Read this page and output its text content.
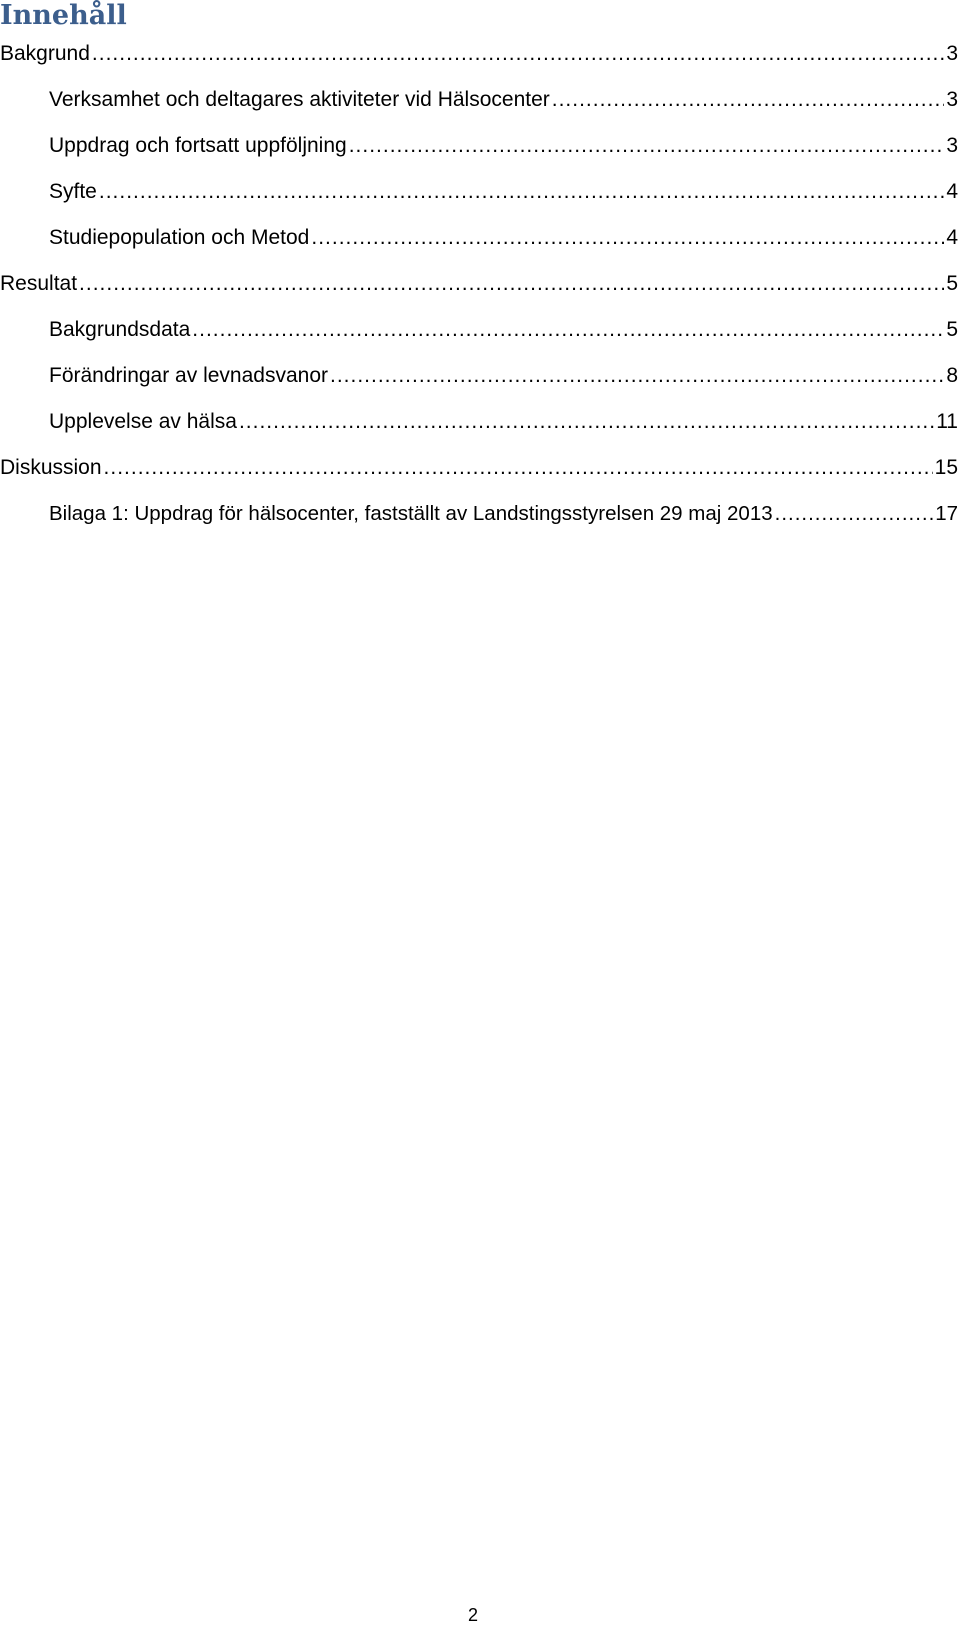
Innehåll
Bakgrund .....	3
Verksamhet och deltagares aktiviteter vid Hälsocenter .....	3
Uppdrag och fortsatt uppföljning .....	3
Syfte .....	4
Studiepopulation och Metod .....	4
Resultat .....	5
Bakgrundsdata .....	5
Förändringar av levnadsvanor .....	8
Upplevelse av hälsa .....	11
Diskussion .....	15
Bilaga 1: Uppdrag för hälsocenter, fastställt av Landstingsstyrelsen 29 maj 2013 .....	17
2
